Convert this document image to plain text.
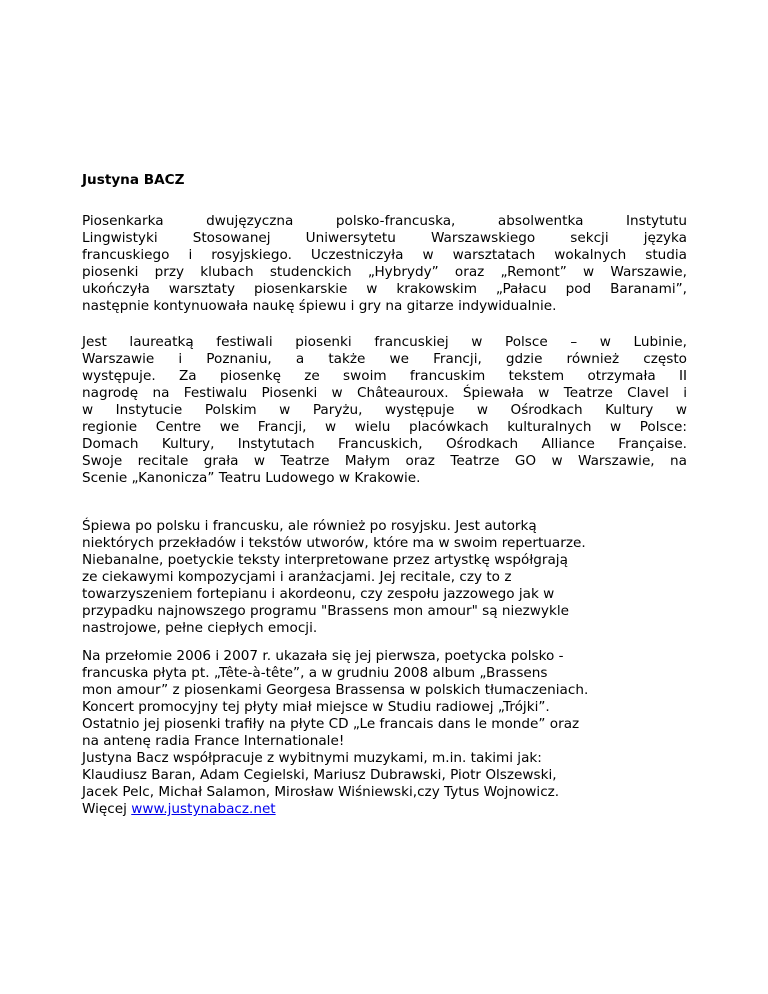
Justyna BACZ
Piosenkarka dwujęzyczna polsko-francuska, absolwentka Instytutu
Lingwistyki Stosowanej Uniwersytetu Warszawskiego sekcji języka
francuskiego i rosyjskiego. Uczestniczyła w warsztatach wokalnych studia
piosenki przy klubach studenckich „Hybrydy” oraz „Remont” w Warszawie,
ukończyła warsztaty piosenkarskie w krakowskim „Pałacu pod Baranami”,
następnie kontynuowała naukę śpiewu i gry na gitarze indywidualnie.
Jest laureatką festiwali piosenki francuskiej w Polsce – w Lubinie,
Warszawie i Poznaniu, a także we Francji, gdzie również często
występuje. Za piosenkę ze swoim francuskim tekstem otrzymała II
nagrodę na Festiwalu Piosenki w Châteauroux. Śpiewała w Teatrze Clavel i
w Instytucie Polskim w Paryżu, występuje w Ośrodkach Kultury w
regionie Centre we Francji, w wielu placówkach kulturalnych w Polsce:
Domach Kultury, Instytutach Francuskich, Ośrodkach Alliance Française.
Swoje recitale grała w Teatrze Małym oraz Teatrze GO w Warszawie, na
Scenie „Kanonicza” Teatru Ludowego w Krakowie.
Śpiewa po polsku i francusku, ale również po rosyjsku. Jest autorką
niektórych przekładów i tekstów utworów, które ma w swoim repertuarze.
Niebanalne, poetyckie teksty interpretowane przez artystkę współgrają
ze ciekawymi kompozycjami i aranżacjami. Jej recitale, czy to z
towarzyszeniem fortepianu i akordeonu, czy zespołu jazzowego jak w
przypadku najnowszego programu "Brassens mon amour" są niezwykle
nastrojowe, pełne ciepłych emocji.
Na przełomie 2006 i 2007 r. ukazała się jej pierwsza, poetycka polsko -
francuska płyta pt. „Tête-à-tête”, a w grudniu 2008 album „Brassens
mon amour” z piosenkami Georgesa Brassensa w polskich tłumaczeniach.
Koncert promocyjny tej płyty miał miejsce w Studiu radiowej „Trójki”.
Ostatnio jej piosenki trafiły na płyte CD „Le francais dans le monde” oraz
na antenę radia France Internationale!
Justyna Bacz współpracuje z wybitnymi muzykami, m.in. takimi jak:
Klaudiusz Baran, Adam Cegielski, Mariusz Dubrawski, Piotr Olszewski,
Jacek Pelc, Michał Salamon, Mirosław Wiśniewski,czy Tytus Wojnowicz.
Więcej www.justynabacz.net
